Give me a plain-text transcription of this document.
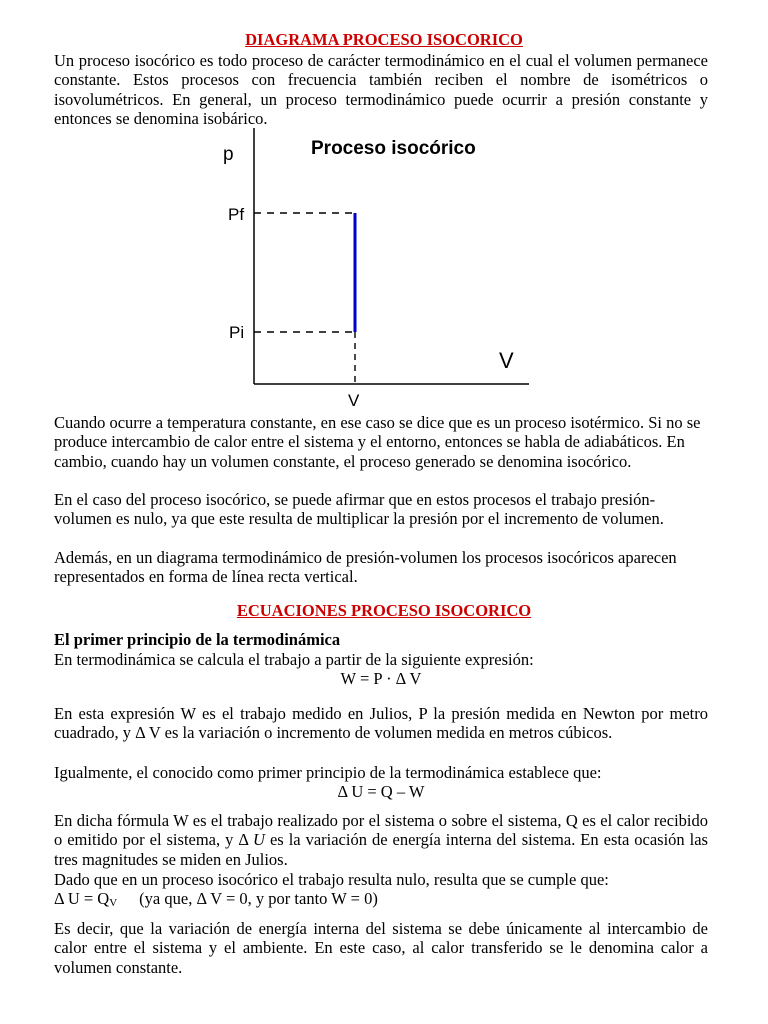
DIAGRAMA PROCESO ISOCORICO

Un proceso isocórico es todo proceso de carácter termodinámico en el cual el volumen permanece constante. Estos procesos con frecuencia también reciben el nombre de isométricos o isovolumétricos. En general, un proceso termodinámico puede ocurrir a presión constante y entonces se denomina isobárico.

Proceso isocórico
p
V
Pf
Pi
V

Cuando ocurre a temperatura constante, en ese caso se dice que es un proceso isotérmico. Si no se produce intercambio de calor entre el sistema y el entorno, entonces se habla de adiabáticos. En cambio, cuando hay un volumen constante, el proceso generado se denomina isocórico.

En el caso del proceso isocórico, se puede afirmar que en estos procesos el trabajo presión-volumen es nulo, ya que este resulta de multiplicar la presión por el incremento de volumen.

Además, en un diagrama termodinámico de presión-volumen los procesos isocóricos aparecen representados en forma de línea recta vertical.

ECUACIONES PROCESO ISOCORICO

El primer principio de la termodinámica

En termodinámica se calcula el trabajo a partir de la siguiente expresión:

W = P · Δ V

En esta expresión W es el trabajo medido en Julios, P la presión medida en Newton por metro cuadrado, y Δ V es la variación o incremento de volumen medida en metros cúbicos.

Igualmente, el conocido como primer principio de la termodinámica establece que:

Δ U = Q – W

En dicha fórmula W es el trabajo realizado por el sistema o sobre el sistema, Q es el calor recibido o emitido por el sistema, y Δ U es la variación de energía interna del sistema. En esta ocasión las tres magnitudes se miden en Julios.

Dado que en un proceso isocórico el trabajo resulta nulo, resulta que se cumple que:

Δ $U = Q_V$ (ya que, Δ V = 0, y por tanto W = 0)

Es decir, que la variación de energía interna del sistema se debe únicamente al intercambio de calor entre el sistema y el ambiente. En este caso, al calor transferido se le denomina calor a volumen constante.
